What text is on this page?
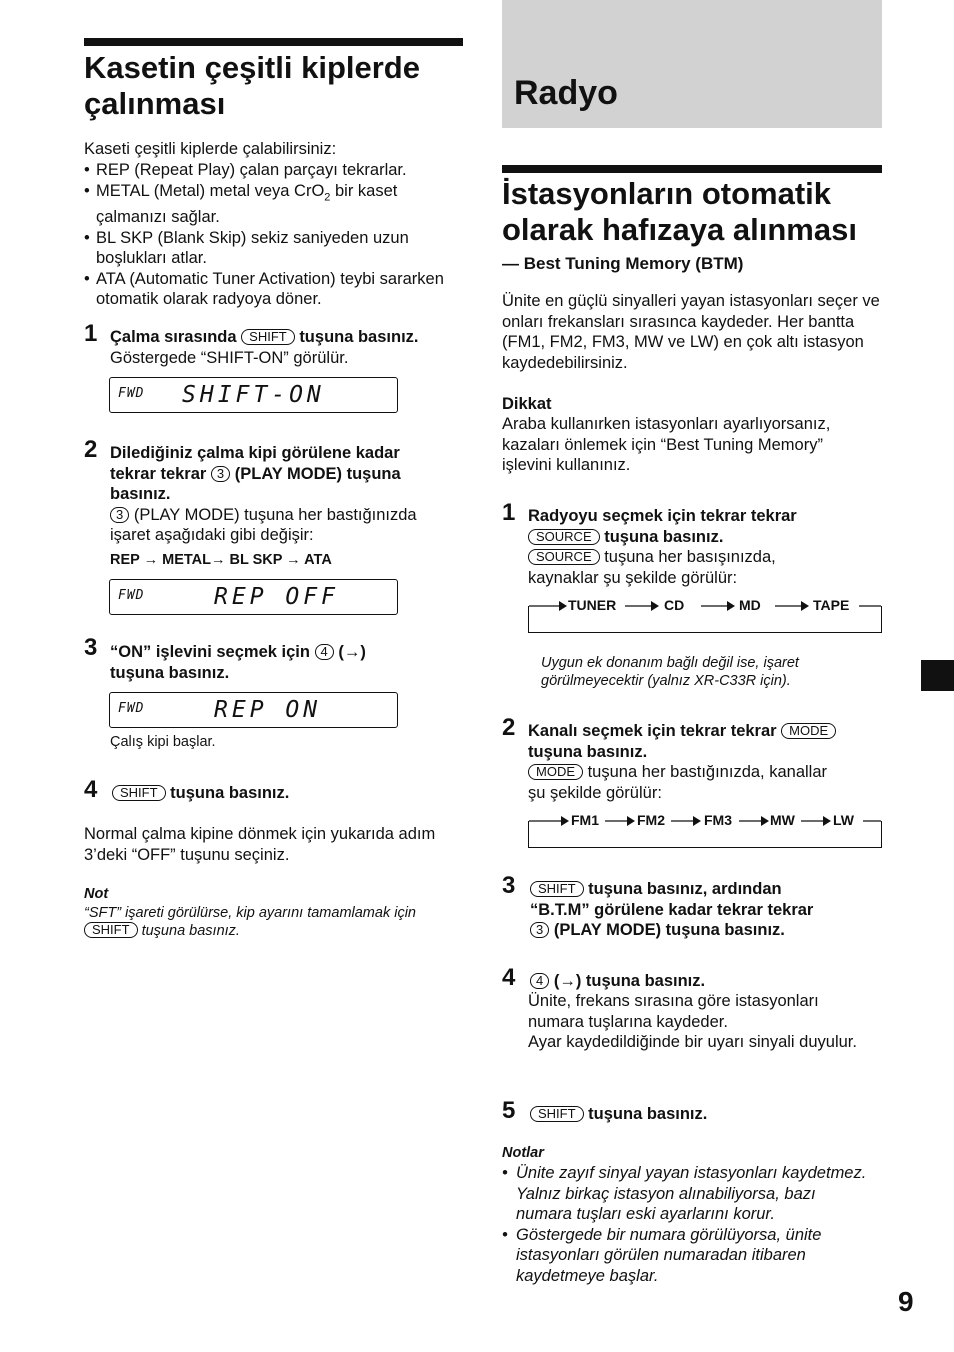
Kasetin çeşitli kiplerde
çalınması

Kaseti çeşitli kiplerde çalabilirsiniz:

• REP (Repeat Play) çalan parçayı tekrarlar.
• METAL (Metal) metal veya CrO$_2$ bir kaset
çalmanızı sağlar.
• BL SKP (Blank Skip) sekiz saniyeden uzun boşlukları atlar.
• ATA (Automatic Tuner Activation) teybi sararken otomatik olarak radyoya döner.
1 Çalma sırasında SHIFT tuşuna basınız.
Göstergede “SHIFT-ON” görülür.
FWD SHIFT-ON
2 Dilediğiniz çalma kipi görülene kadar
tekrar tekrar 3 (PLAY MODE) tuşuna
basınız.
3 (PLAY MODE) tuşuna her bastığınızda
işaret aşağıdaki gibi değişir:
REP → METAL→ BL SKP → ATA
FWD	REP OFF
3 “ON” işlevini seçmek için 4 (→)
tuşuna basınız.
FWD	REP ON
Çalış kipi başlar.
4	SHIFT tuşuna basınız.

Normal çalma kipine dönmek için yukarıda adım 3’deki “OFF” tuşunu seçiniz.

Not
“SFT” işareti görülürse, kip ayarını tamamlamak için
SHIFT tuşuna basınız.
Radyo
İstasyonların otomatik
olarak hafızaya alınması
— Best Tuning Memory (BTM)

Ünite en güçlü sinyalleri yayan istasyonları seçer ve onları frekansları sırasınca kaydeder. Her bantta (FM1, FM2, FM3, MW ve LW) en çok altı istasyon kaydedebilirsiniz.

Dikkat

Araba kullanırken istasyonları ayarlıyorsanız, kazaları önlemek için “Best Tuning Memory” işlevini kullanınız.

1 Radyoyu seçmek için tekrar tekrar
SOURCE tuşuna basınız.
SOURCE tuşuna her basışınızda,
kaynaklar şu şekilde görülür:
TUNER	CD	MD	TAPE
Uygun ek donanım bağlı değil ise, işaret görülmeyecektir (yalnız XR-C33R için).
2 Kanalı seçmek için tekrar tekrar MODE
tuşuna basınız.
MODE tuşuna her bastığınızda, kanallar
şu şekilde görülür:
FM1	FM2	FM3	MW	LW
3	SHIFT tuşuna basınız, ardından
“B.T.M” görülene kadar tekrar tekrar
3 (PLAY MODE) tuşuna basınız.
4	4 (→) tuşuna basınız.

Ünite, frekans sırasına göre istasyonları numara tuşlarına kaydeder.

Ayar kaydedildiğinde bir uyarı sinyali duyulur.

5	SHIFT tuşuna basınız.
Notlar
• Ünite zayıf sinyal yayan istasyonları kaydetmez. Yalnız birkaç istasyon alınabiliyorsa, bazı numara tuşları eski ayarlarını korur.
• Göstergede bir numara görülüyorsa, ünite istasyonları görülen numaradan itibaren kaydetmeye başlar.
9
